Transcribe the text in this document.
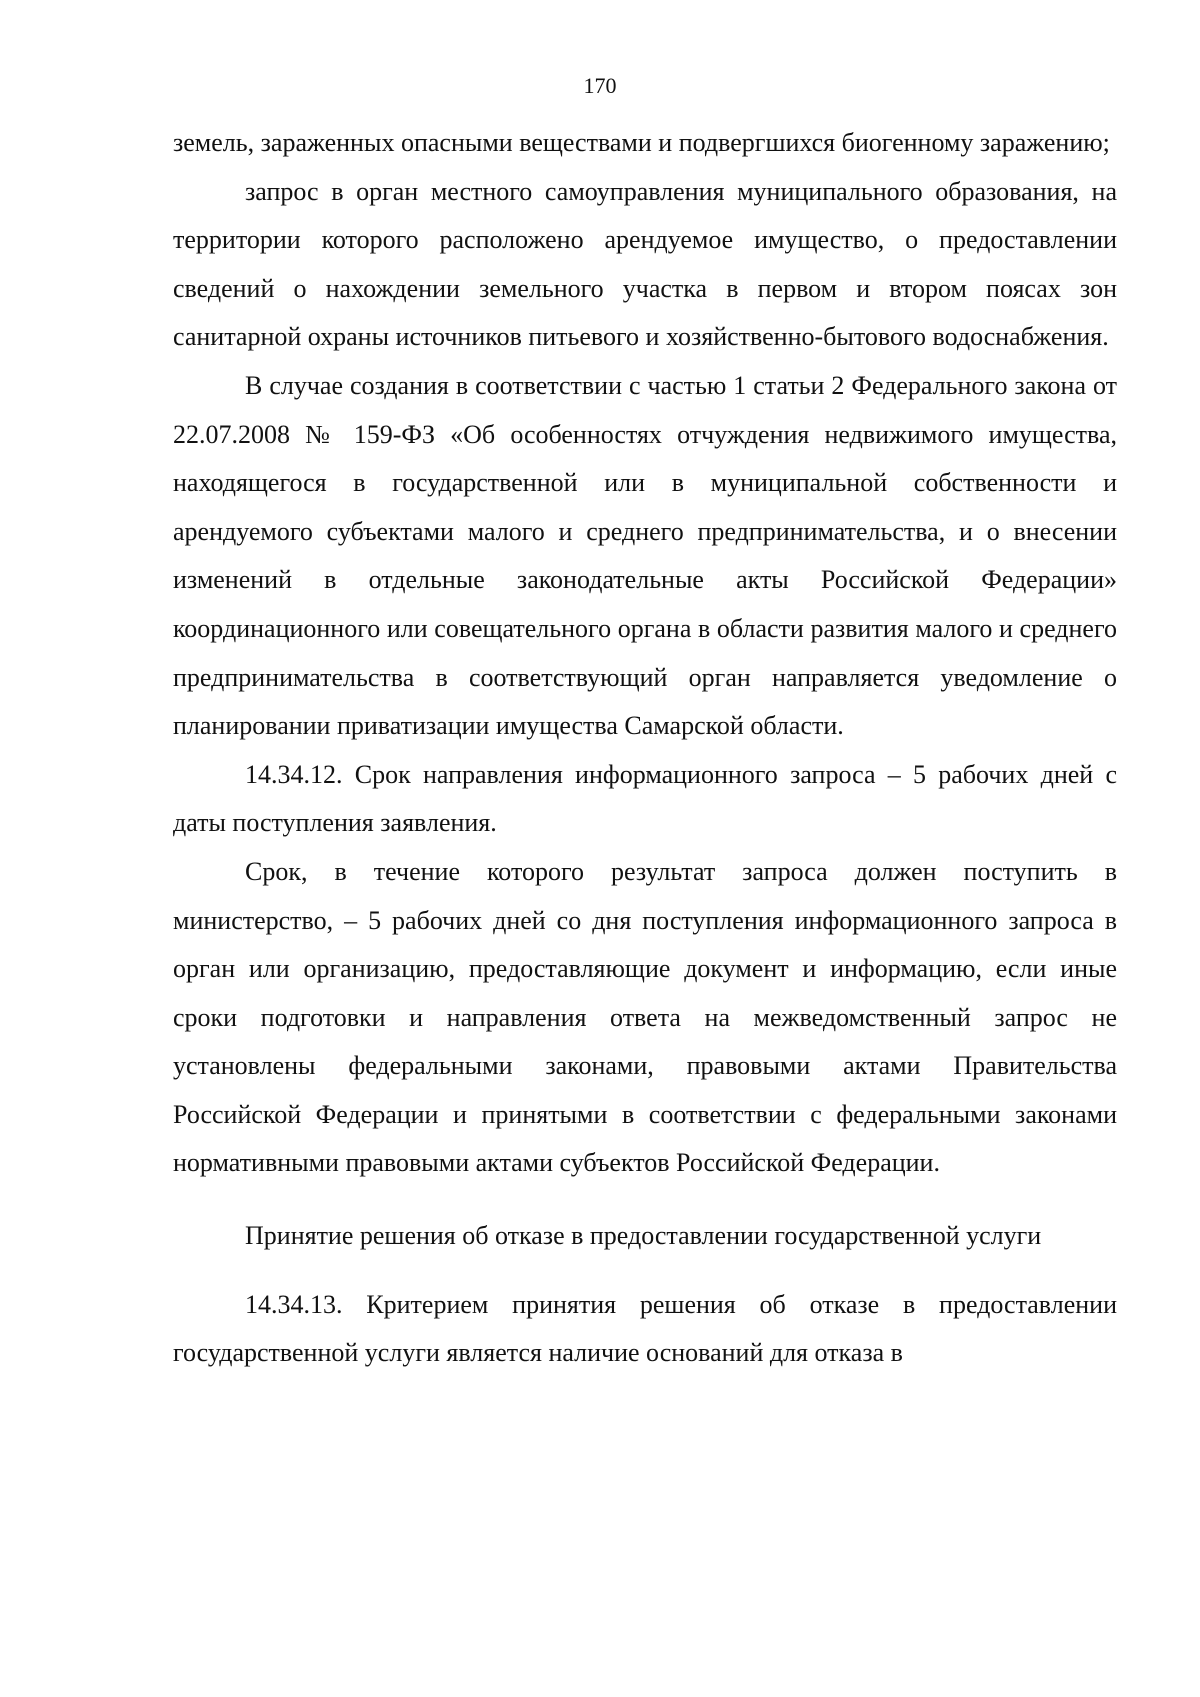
170

земель, зараженных опасными веществами и подвергшихся биогенному заражению;

запрос в орган местного самоуправления муниципального образования, на территории которого расположено арендуемое имущество, о предоставлении сведений о нахождении земельного участка в первом и втором поясах зон санитарной охраны источников питьевого и хозяйственно-бытового водоснабжения.

В случае создания в соответствии с частью 1 статьи 2 Федерального закона от 22.07.2008 № 159-ФЗ «Об особенностях отчуждения недвижимого имущества, находящегося в государственной или в муниципальной собственности и арендуемого субъектами малого и среднего предпринимательства, и о внесении изменений в отдельные законодательные акты Российской Федерации» координационного или совещательного органа в области развития малого и среднего предпринимательства в соответствующий орган направляется уведомление о планировании приватизации имущества Самарской области.

14.34.12. Срок направления информационного запроса – 5 рабочих дней с даты поступления заявления.

Срок, в течение которого результат запроса должен поступить в министерство, – 5 рабочих дней со дня поступления информационного запроса в орган или организацию, предоставляющие документ и информацию, если иные сроки подготовки и направления ответа на межведомственный запрос не установлены федеральными законами, правовыми актами Правительства Российской Федерации и принятыми в соответствии с федеральными законами нормативными правовыми актами субъектов Российской Федерации.

Принятие решения об отказе в предоставлении государственной услуги

14.34.13. Критерием принятия решения об отказе в предоставлении государственной услуги является наличие оснований для отказа в
